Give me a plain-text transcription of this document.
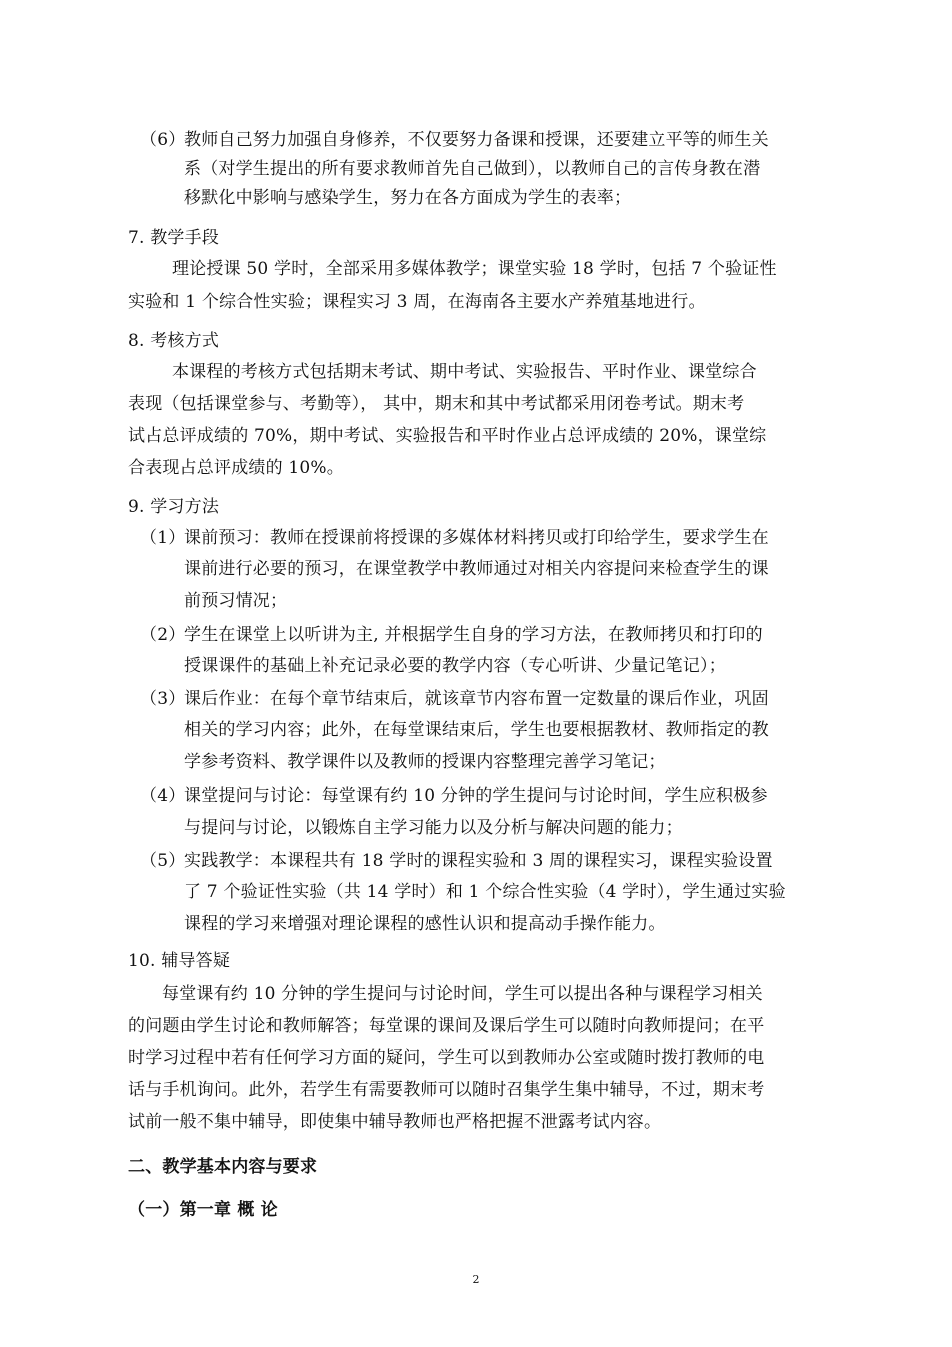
（6）
教师自己努力加强自身修养，不仅要努力备课和授课，还要建立平等的师生关
系（对学生提出的所有要求教师首先自己做到），以教师自己的言传身教在潜
移默化中影响与感染学生，努力在各方面成为学生的表率；
7. 教学手段
理论授课 50 学时，全部采用多媒体教学；课堂实验 18 学时，包括 7 个验证性
实验和 1 个综合性实验；课程实习 3 周，在海南各主要水产养殖基地进行。
8. 考核方式
本课程的考核方式包括期末考试、期中考试、实验报告、平时作业、课堂综合
表现（包括课堂参与、考勤等）， 其中，期末和其中考试都采用闭卷考试。期末考
试占总评成绩的 70%，期中考试、实验报告和平时作业占总评成绩的 20%，课堂综
合表现占总评成绩的 10%。
9. 学习方法
（1）
课前预习：教师在授课前将授课的多媒体材料拷贝或打印给学生，要求学生在
课前进行必要的预习，在课堂教学中教师通过对相关内容提问来检查学生的课
前预习情况；
（2）
学生在课堂上以听讲为主, 并根据学生自身的学习方法，在教师拷贝和打印的
授课课件的基础上补充记录必要的教学内容（专心听讲、少量记笔记）；
（3）
课后作业：在每个章节结束后，就该章节内容布置一定数量的课后作业，巩固
相关的学习内容；此外，在每堂课结束后，学生也要根据教材、教师指定的教
学参考资料、教学课件以及教师的授课内容整理完善学习笔记；
（4）
课堂提问与讨论：每堂课有约 10 分钟的学生提问与讨论时间，学生应积极参
与提问与讨论，以锻炼自主学习能力以及分析与解决问题的能力；
（5）
实践教学：本课程共有 18 学时的课程实验和 3 周的课程实习，课程实验设置
了 7 个验证性实验（共 14 学时）和 1 个综合性实验（4 学时），学生通过实验
课程的学习来增强对理论课程的感性认识和提高动手操作能力。
10. 辅导答疑
每堂课有约 10 分钟的学生提问与讨论时间，学生可以提出各种与课程学习相关
的问题由学生讨论和教师解答；每堂课的课间及课后学生可以随时向教师提问；在平
时学习过程中若有任何学习方面的疑问，学生可以到教师办公室或随时拨打教师的电
话与手机询问。此外，若学生有需要教师可以随时召集学生集中辅导，不过，期末考
试前一般不集中辅导，即使集中辅导教师也严格把握不泄露考试内容。
二、教学基本内容与要求
（一）第一章 概 论
2
